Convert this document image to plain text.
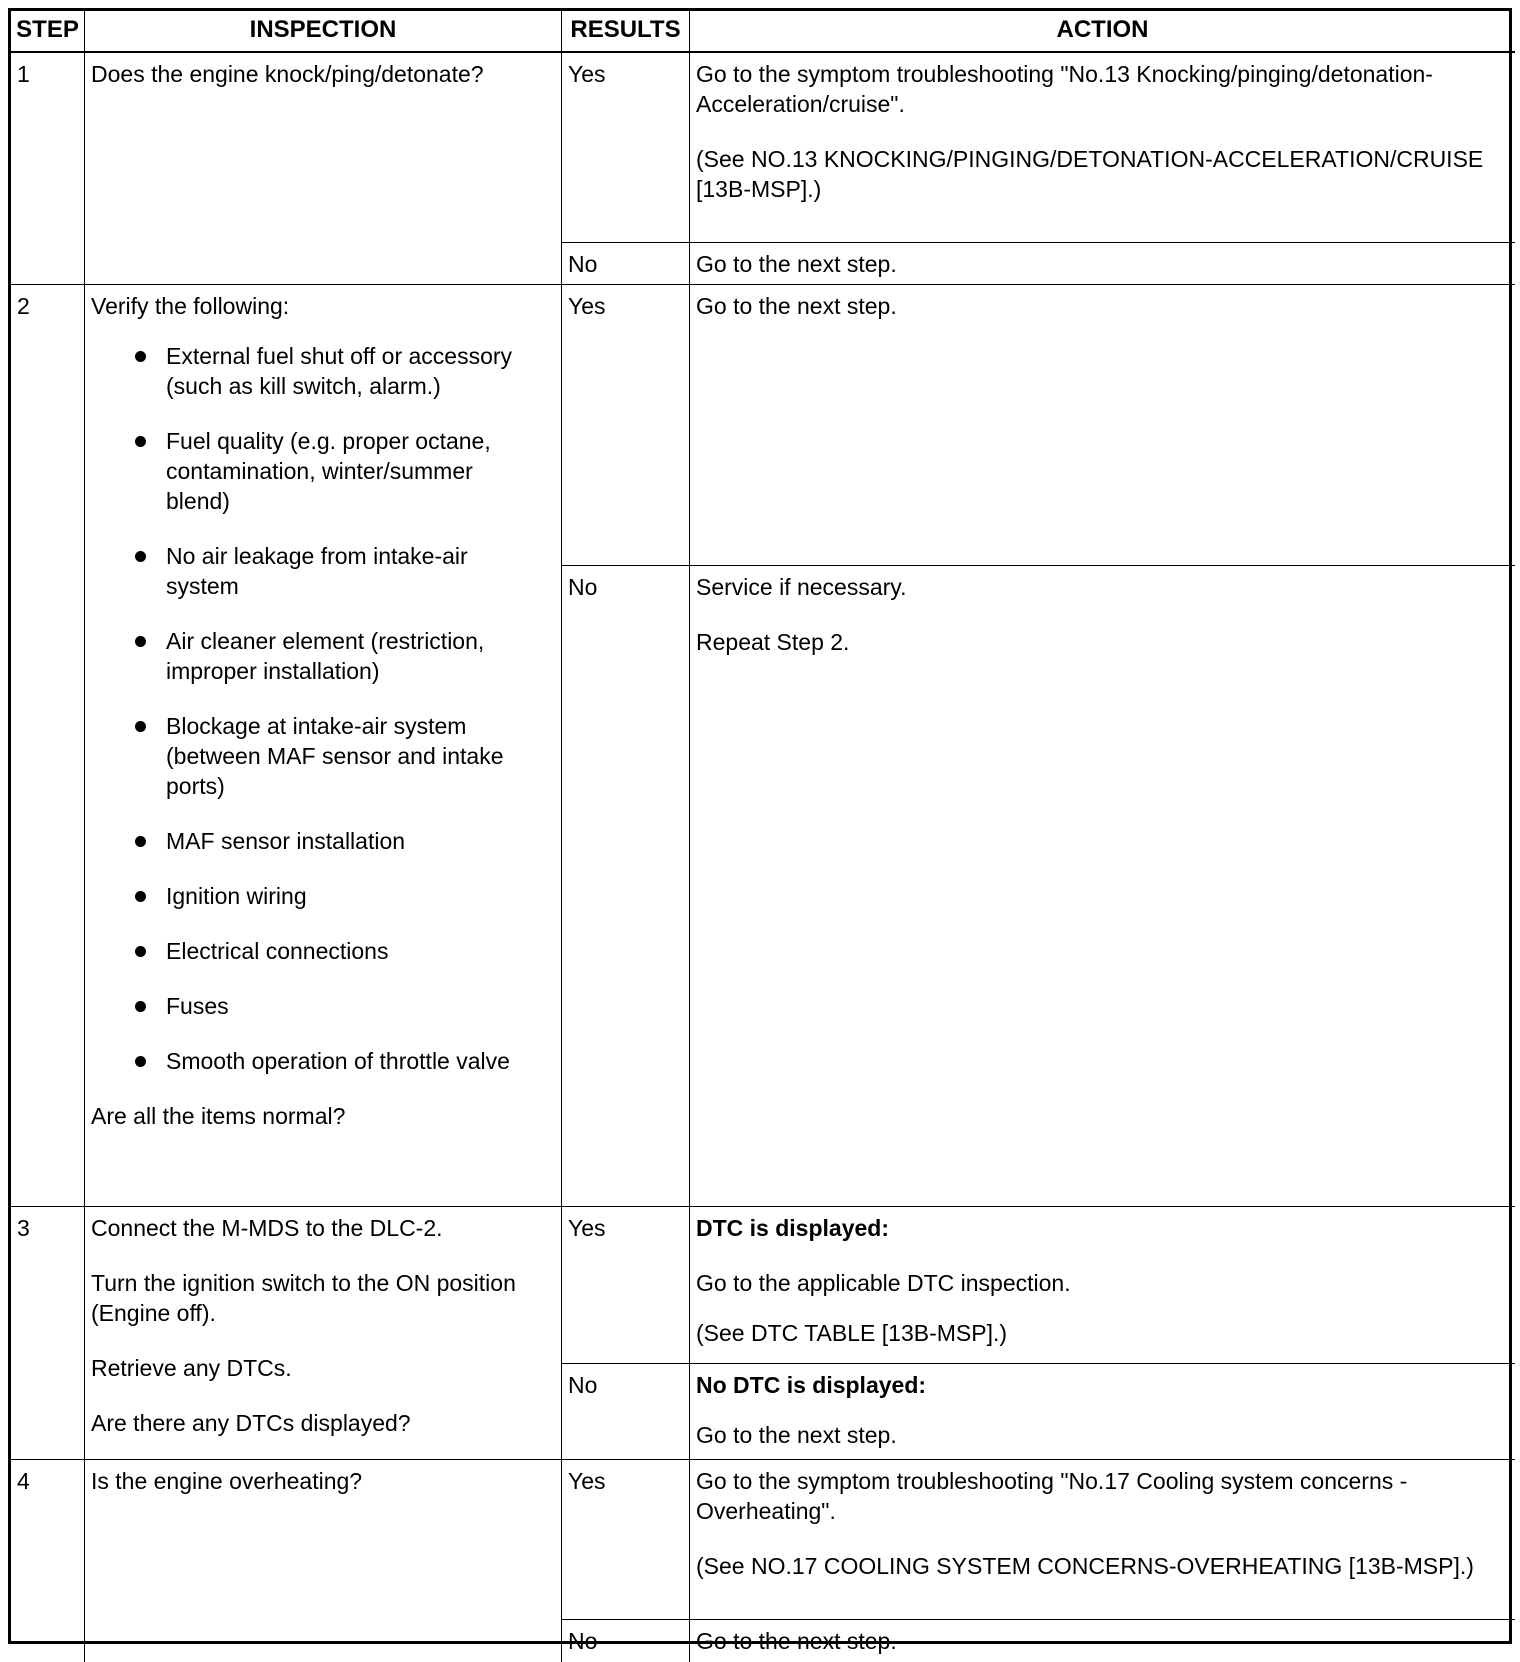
STEP	INSPECTION	RESULTS	ACTION
1	Does the engine knock/ping/detonate?	Yes	Go to the symptom troubleshooting "No.13 Knocking/pinging/detonation-Acceleration/cruise".
(See NO.13 KNOCKING/PINGING/DETONATION-ACCELERATION/CRUISE [13B-MSP].)
No	Go to the next step.
2	Verify the following:
External fuel shut off or accessory (such as kill switch, alarm.)
Fuel quality (e.g. proper octane, contamination, winter/summer blend)
No air leakage from intake-air system
Air cleaner element (restriction, improper installation)
Blockage at intake-air system (between MAF sensor and intake ports)
MAF sensor installation
Ignition wiring
Electrical connections
Fuses
Smooth operation of throttle valve
Are all the items normal?
Yes	Go to the next step.
No	Service if necessary.
Repeat Step 2.
3	Connect the M-MDS to the DLC-2.
Turn the ignition switch to the ON position (Engine off).
Retrieve any DTCs.
Are there any DTCs displayed?
Yes	DTC is displayed:
Go to the applicable DTC inspection.
(See DTC TABLE [13B-MSP].)
No	No DTC is displayed:
Go to the next step.
4	Is the engine overheating?	Yes	Go to the symptom troubleshooting "No.17 Cooling system concerns - Overheating".
(See NO.17 COOLING SYSTEM CONCERNS-OVERHEATING [13B-MSP].)
No	Go to the next step.
